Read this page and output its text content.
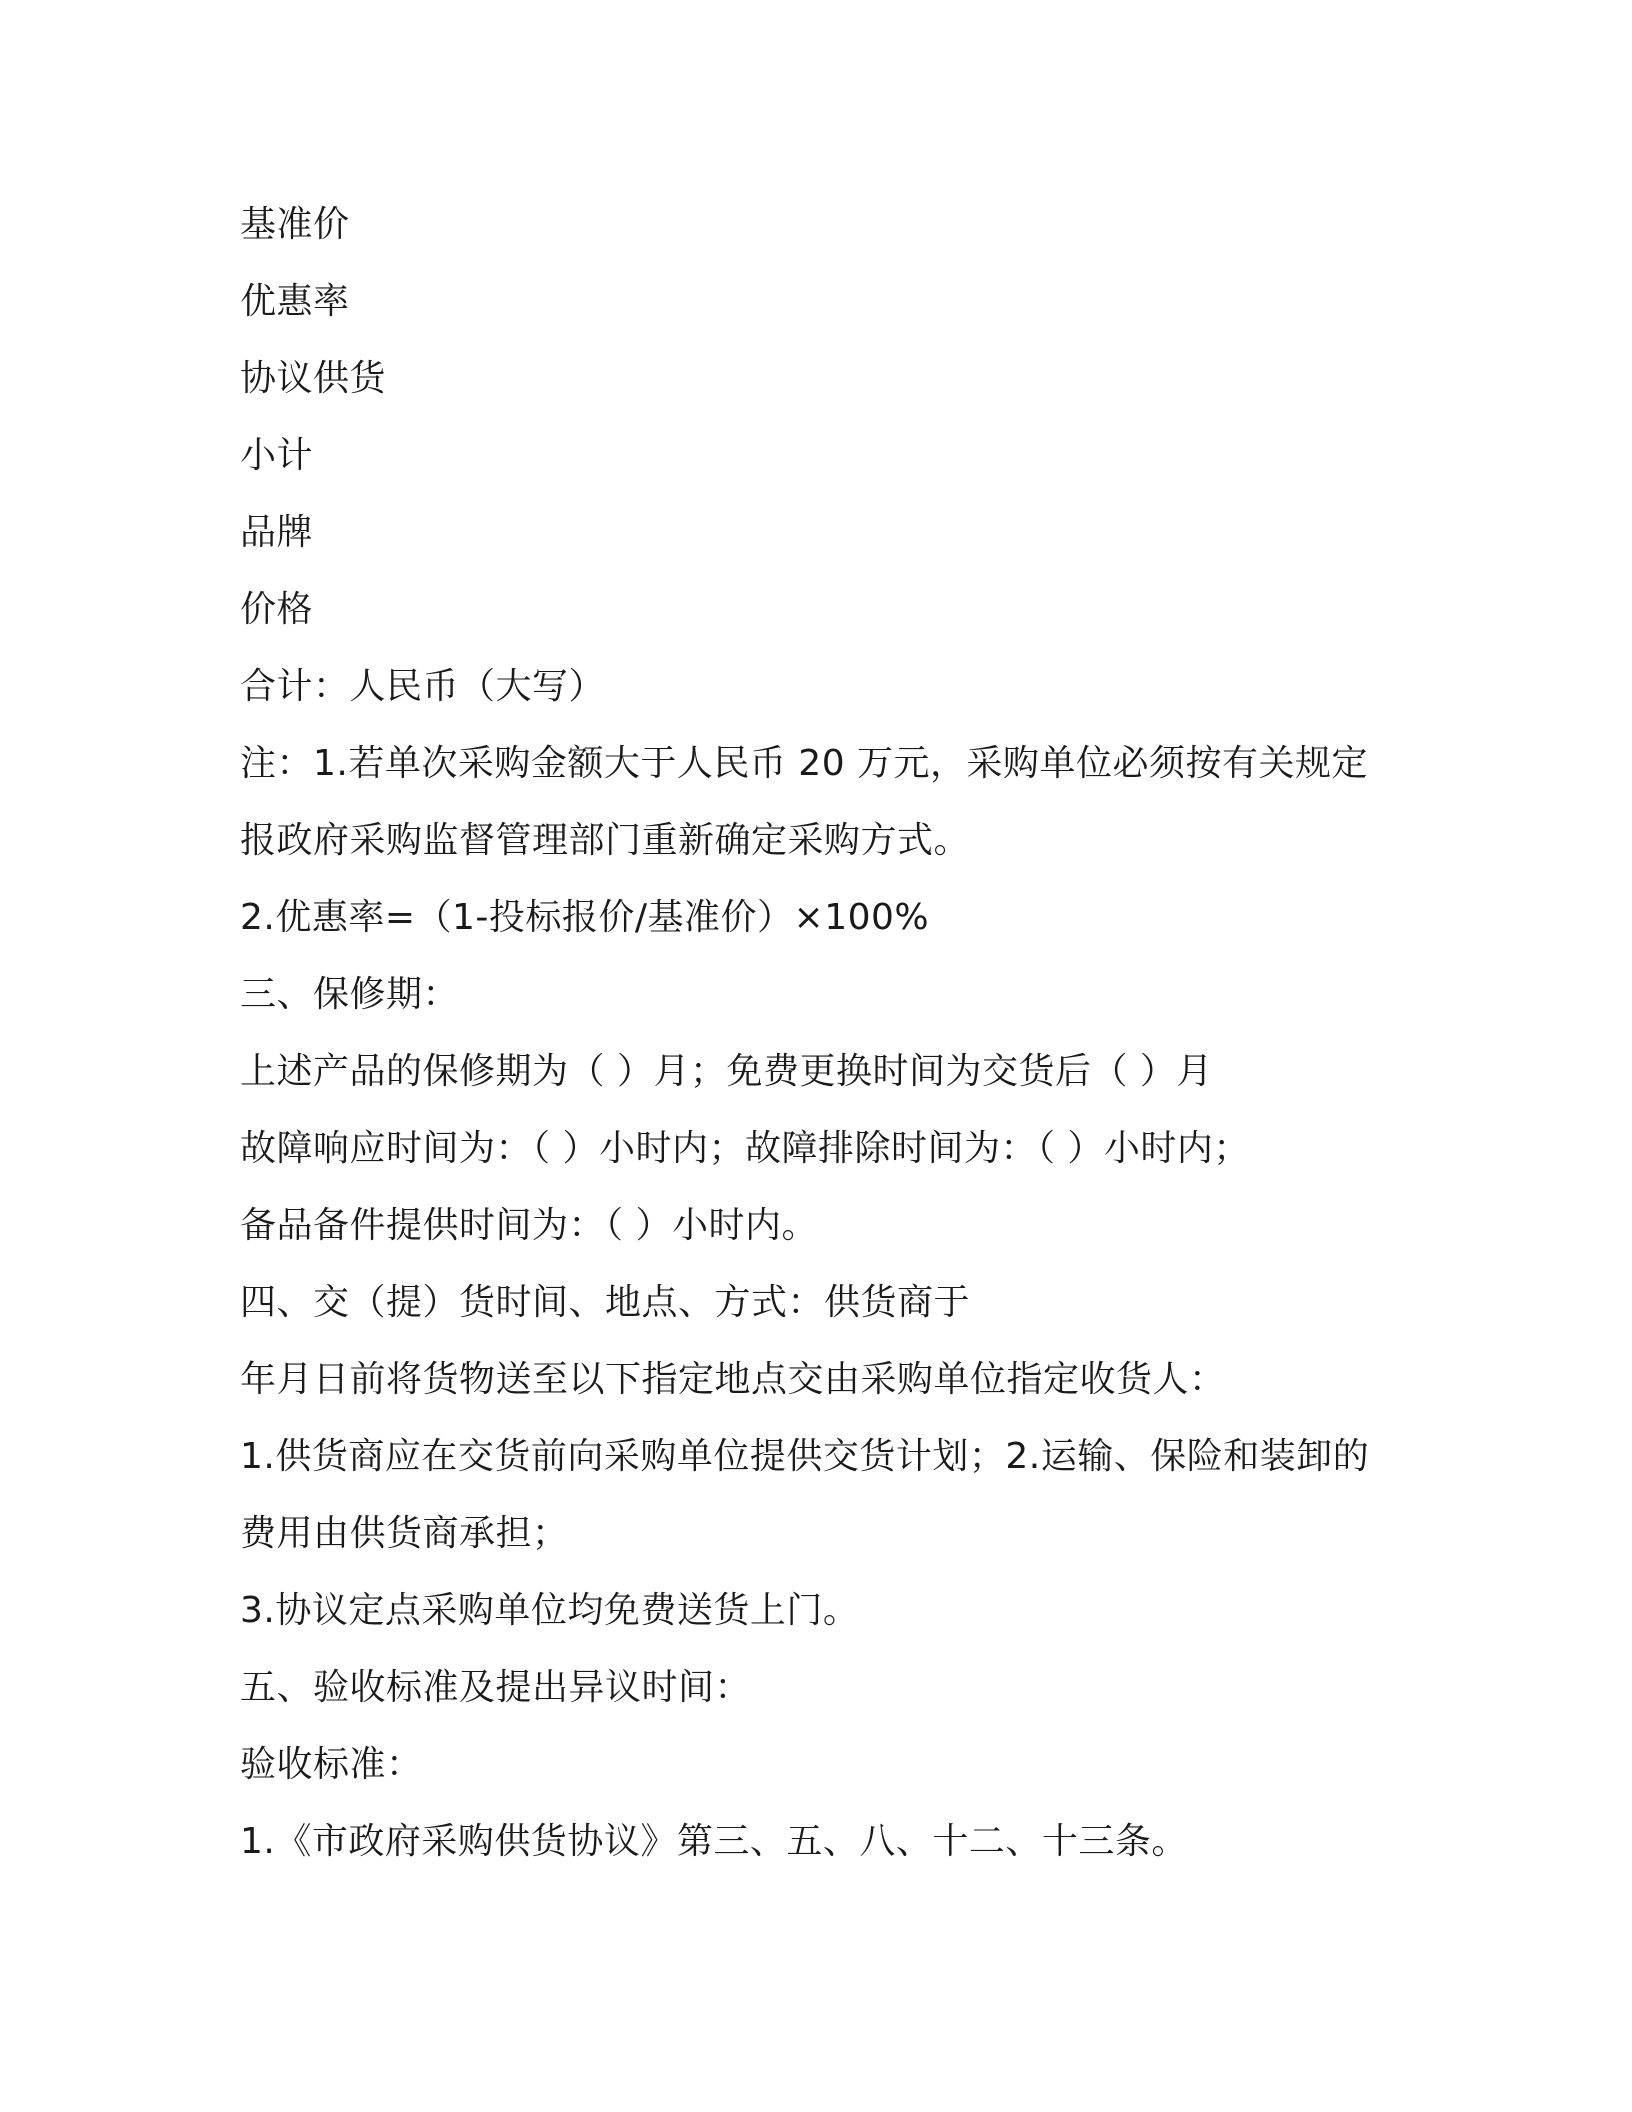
基准价
优惠率
协议供货
小计
品牌
价格
合计：人民币（大写）
注：1.若单次采购金额大于人民币 20 万元，采购单位必须按有关规定
报政府采购监督管理部门重新确定采购方式。
2.优惠率=（1-投标报价/基准价）×100%
三、保修期：
上述产品的保修期为（ ）月；免费更换时间为交货后（ ）月
故障响应时间为：（ ）小时内；故障排除时间为：（ ）小时内；
备品备件提供时间为：（ ）小时内。
四、交（提）货时间、地点、方式：供货商于
年月日前将货物送至以下指定地点交由采购单位指定收货人：
1.供货商应在交货前向采购单位提供交货计划；2.运输、保险和装卸的
费用由供货商承担；
3.协议定点采购单位均免费送货上门。
五、验收标准及提出异议时间：
验收标准：
1.《市政府采购供货协议》第三、五、八、十二、十三条。
